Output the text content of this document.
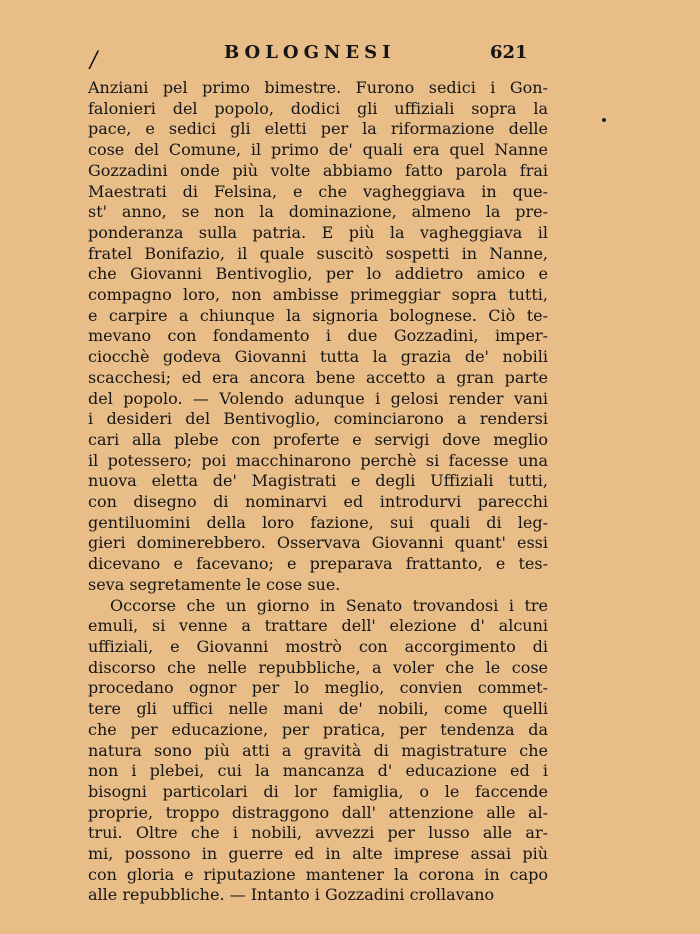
/	BOLOGNESI	621
Anziani pel primo bimestre. Furono sedici i Gon-
falonieri del popolo, dodici gli uffiziali sopra la
pace, e sedici gli eletti per la riformazione delle
cose del Comune, il primo de' quali era quel Nanne
Gozzadini onde più volte abbiamo fatto parola frai
Maestrati di Felsina, e che vagheggiava in que-
st' anno, se non la dominazione, almeno la pre-
ponderanza sulla patria. E più la vagheggiava il
fratel Bonifazio, il quale suscitò sospetti in Nanne,
che Giovanni Bentivoglio, per lo addietro amico e
compagno loro, non ambisse primeggiar sopra tutti,
e carpire a chiunque la signoria bolognese. Ciò te-
mevano con fondamento i due Gozzadini, imper-
ciocchè godeva Giovanni tutta la grazia de' nobili
scacchesi; ed era ancora bene accetto a gran parte
del popolo. — Volendo adunque i gelosi render vani
i desideri del Bentivoglio, cominciarono a rendersi
cari alla plebe con proferte e servigi dove meglio
il potessero; poi macchinarono perchè si facesse una
nuova eletta de' Magistrati e degli Uffiziali tutti,
con disegno di nominarvi ed introdurvi parecchi
gentiluomini della loro fazione, sui quali di leg-
gieri dominerebbero. Osservava Giovanni quant' essi
dicevano e facevano; e preparava frattanto, e tes-
seva segretamente le cose sue.
Occorse che un giorno in Senato trovandosi i tre
emuli, si venne a trattare dell' elezione d' alcuni
uffiziali, e Giovanni mostrò con accorgimento di
discorso che nelle repubbliche, a voler che le cose
procedano ognor per lo meglio, convien commet-
tere gli uffici nelle mani de' nobili, come quelli
che per educazione, per pratica, per tendenza da
natura sono più atti a gravità di magistrature che
non i plebei, cui la mancanza d' educazione ed i
bisogni particolari di lor famiglia, o le faccende
proprie, troppo distraggono dall' attenzione alle al-
trui. Oltre che i nobili, avvezzi per lusso alle ar-
mi, possono in guerre ed in alte imprese assai più
con gloria e riputazione mantener la corona in capo
alle repubbliche. — Intanto i Gozzadini crollavano
